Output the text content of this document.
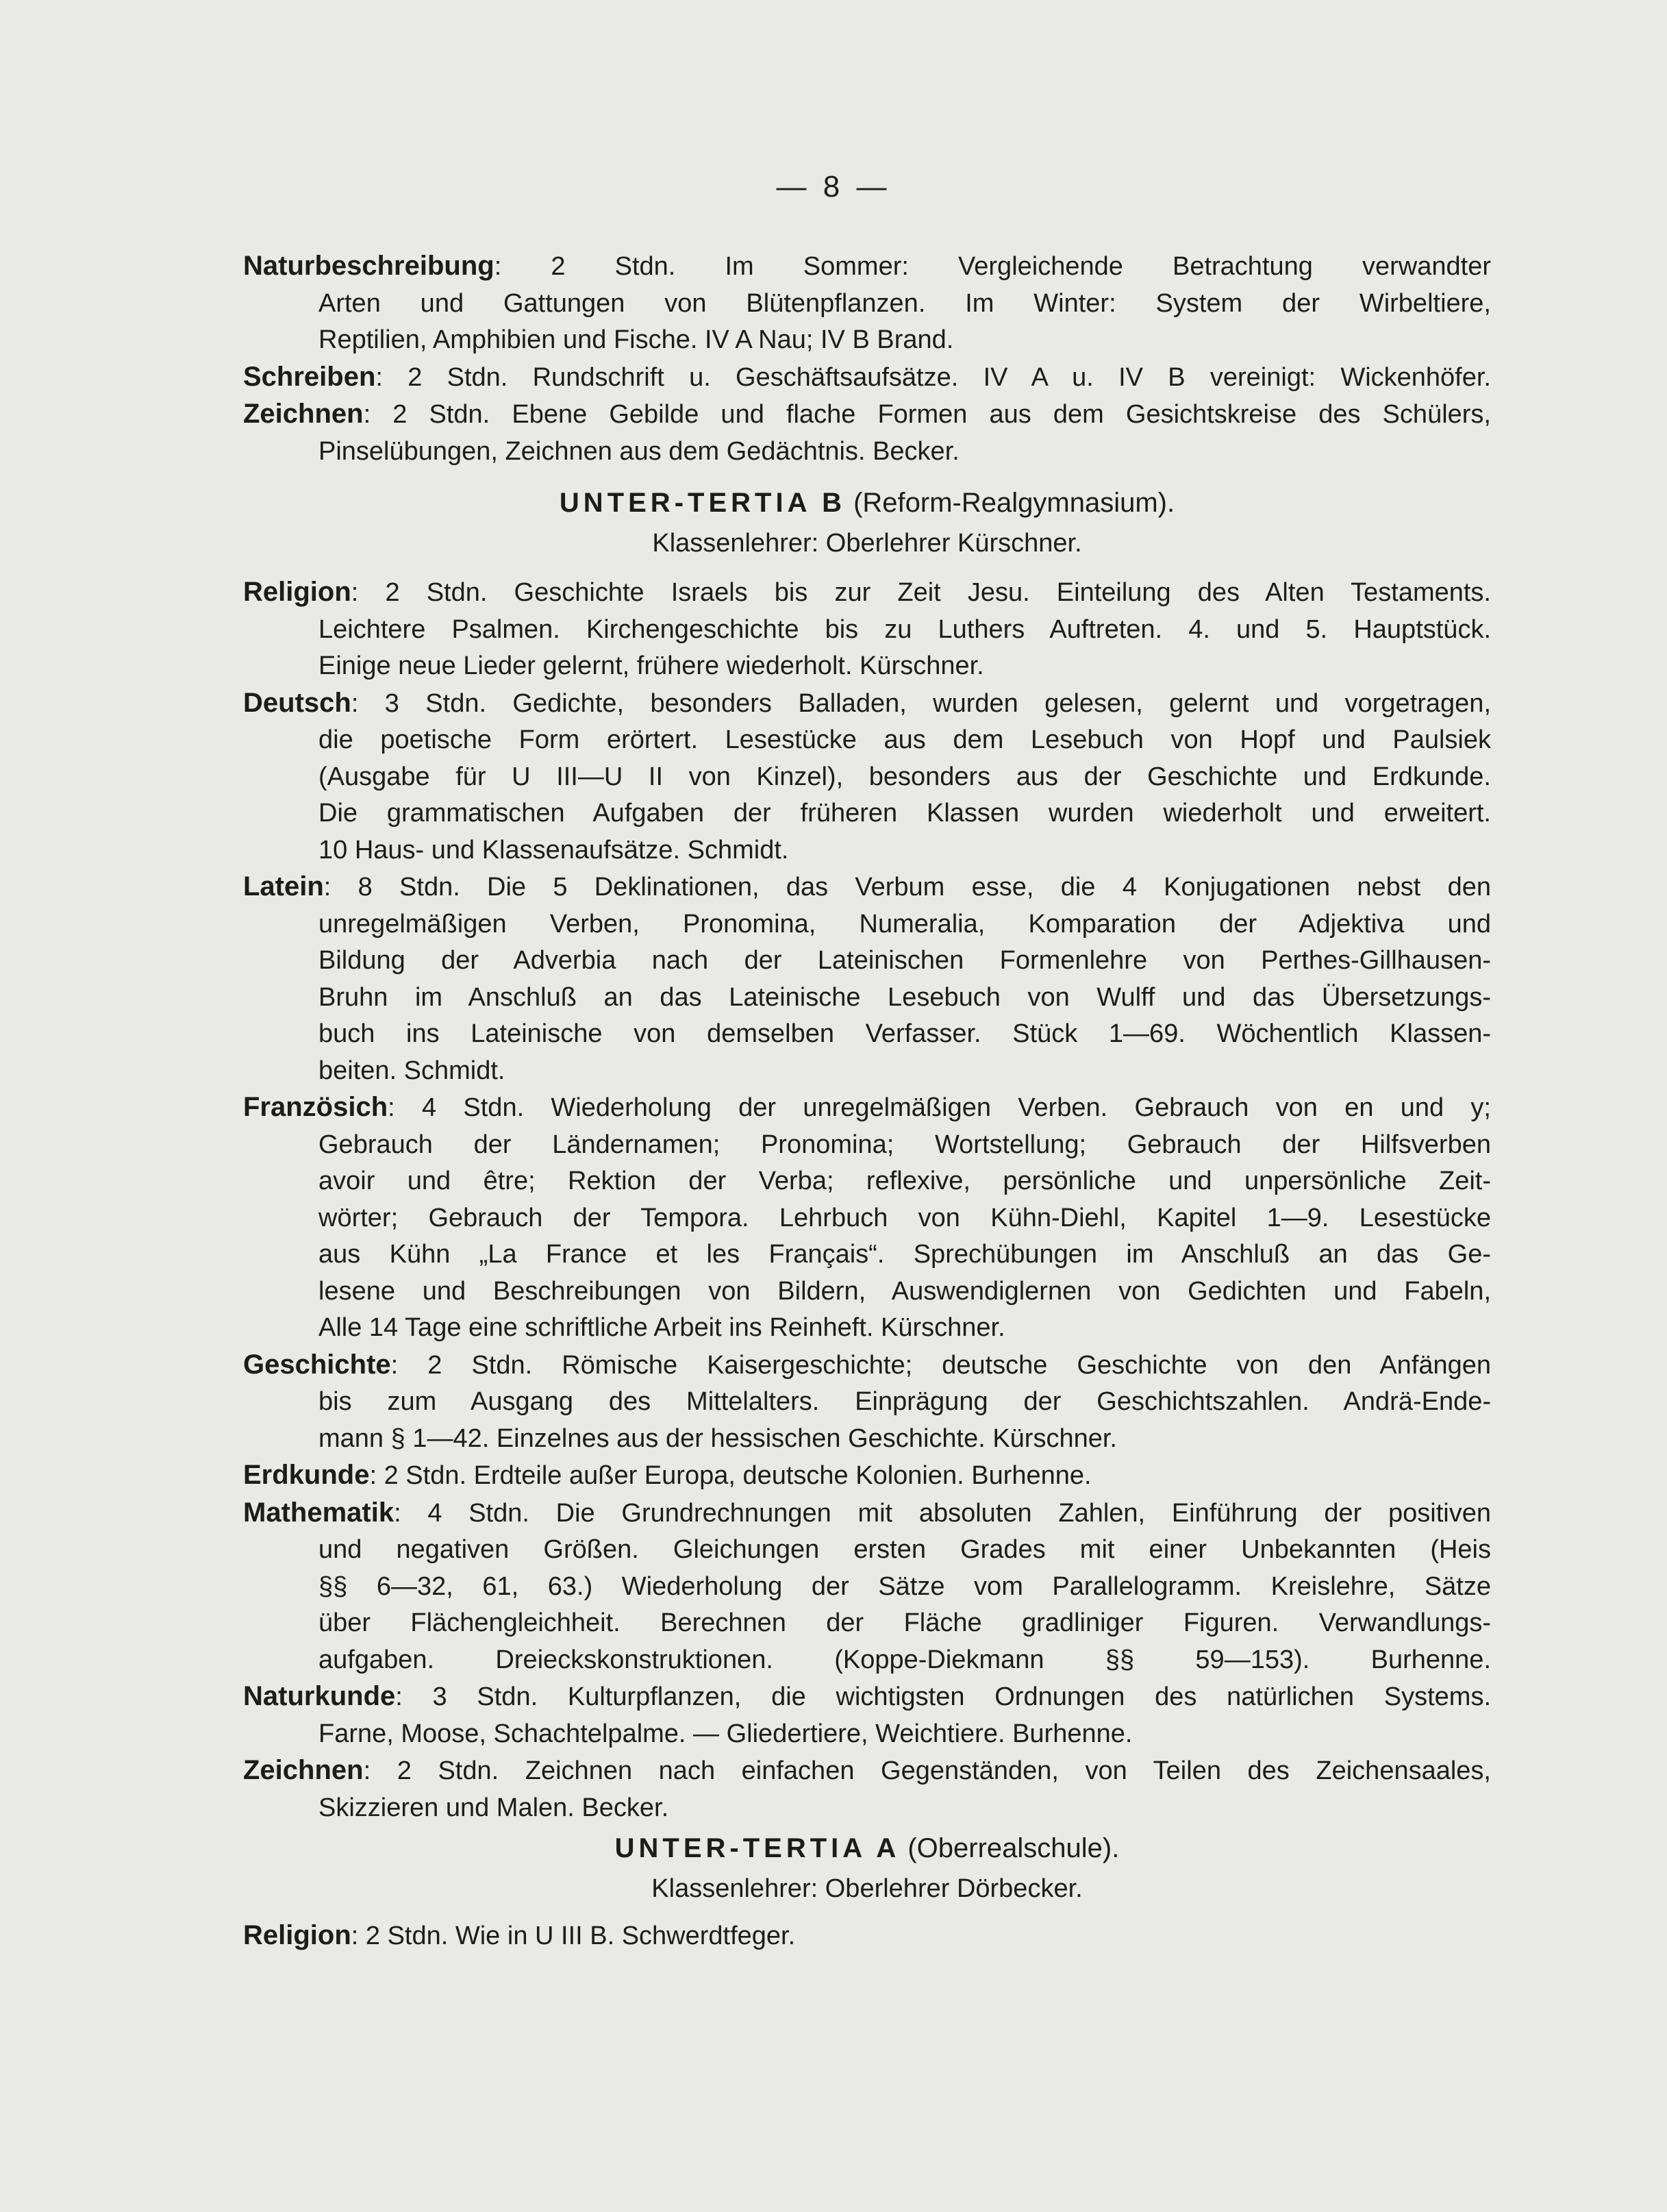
— 8 —
Naturbeschreibung: 2 Stdn. Im Sommer: Vergleichende Betrachtung verwandter
Arten und Gattungen von Blütenpflanzen. Im Winter: System der Wirbeltiere,
Reptilien, Amphibien und Fische. IV A Nau; IV B Brand.
Schreiben: 2 Stdn. Rundschrift u. Geschäftsaufsätze. IV A u. IV B vereinigt: Wickenhöfer.
Zeichnen: 2 Stdn. Ebene Gebilde und flache Formen aus dem Gesichtskreise des Schülers,
Pinselübungen, Zeichnen aus dem Gedächtnis. Becker.
UNTER-TERTIA B (Reform-Realgymnasium).
Klassenlehrer: Oberlehrer Kürschner.
Religion: 2 Stdn. Geschichte Israels bis zur Zeit Jesu. Einteilung des Alten Testaments.
Leichtere Psalmen. Kirchengeschichte bis zu Luthers Auftreten. 4. und 5. Hauptstück.
Einige neue Lieder gelernt, frühere wiederholt. Kürschner.
Deutsch: 3 Stdn. Gedichte, besonders Balladen, wurden gelesen, gelernt und vorgetragen,
die poetische Form erörtert. Lesestücke aus dem Lesebuch von Hopf und Paulsiek
(Ausgabe für U III—U II von Kinzel), besonders aus der Geschichte und Erdkunde.
Die grammatischen Aufgaben der früheren Klassen wurden wiederholt und erweitert.
10 Haus- und Klassenaufsätze. Schmidt.
Latein: 8 Stdn. Die 5 Deklinationen, das Verbum esse, die 4 Konjugationen nebst den
unregelmäßigen Verben, Pronomina, Numeralia, Komparation der Adjektiva und
Bildung der Adverbia nach der Lateinischen Formenlehre von Perthes-Gillhausen-
Bruhn im Anschluß an das Lateinische Lesebuch von Wulff und das Übersetzungs-
buch ins Lateinische von demselben Verfasser. Stück 1—69. Wöchentlich Klassen-
beiten. Schmidt.
Französich: 4 Stdn. Wiederholung der unregelmäßigen Verben. Gebrauch von en und y;
Gebrauch der Ländernamen; Pronomina; Wortstellung; Gebrauch der Hilfsverben
avoir und être; Rektion der Verba; reflexive, persönliche und unpersönliche Zeit-
wörter; Gebrauch der Tempora. Lehrbuch von Kühn-Diehl, Kapitel 1—9. Lesestücke
aus Kühn „La France et les Français“. Sprechübungen im Anschluß an das Ge-
lesene und Beschreibungen von Bildern, Auswendiglernen von Gedichten und Fabeln,
Alle 14 Tage eine schriftliche Arbeit ins Reinheft. Kürschner.
Geschichte: 2 Stdn. Römische Kaisergeschichte; deutsche Geschichte von den Anfängen
bis zum Ausgang des Mittelalters. Einprägung der Geschichtszahlen. Andrä-Ende-
mann § 1—42. Einzelnes aus der hessischen Geschichte. Kürschner.
Erdkunde: 2 Stdn. Erdteile außer Europa, deutsche Kolonien. Burhenne.
Mathematik: 4 Stdn. Die Grundrechnungen mit absoluten Zahlen, Einführung der positiven
und negativen Größen. Gleichungen ersten Grades mit einer Unbekannten (Heis
§§ 6—32, 61, 63.) Wiederholung der Sätze vom Parallelogramm. Kreislehre, Sätze
über Flächengleichheit. Berechnen der Fläche gradliniger Figuren. Verwandlungs-
aufgaben. Dreieckskonstruktionen. (Koppe-Diekmann §§ 59—153). Burhenne.
Naturkunde: 3 Stdn. Kulturpflanzen, die wichtigsten Ordnungen des natürlichen Systems.
Farne, Moose, Schachtelpalme. — Gliedertiere, Weichtiere. Burhenne.
Zeichnen: 2 Stdn. Zeichnen nach einfachen Gegenständen, von Teilen des Zeichensaales,
Skizzieren und Malen. Becker.
UNTER-TERTIA A (Oberrealschule).
Klassenlehrer: Oberlehrer Dörbecker.
Religion: 2 Stdn. Wie in U III B. Schwerdtfeger.
